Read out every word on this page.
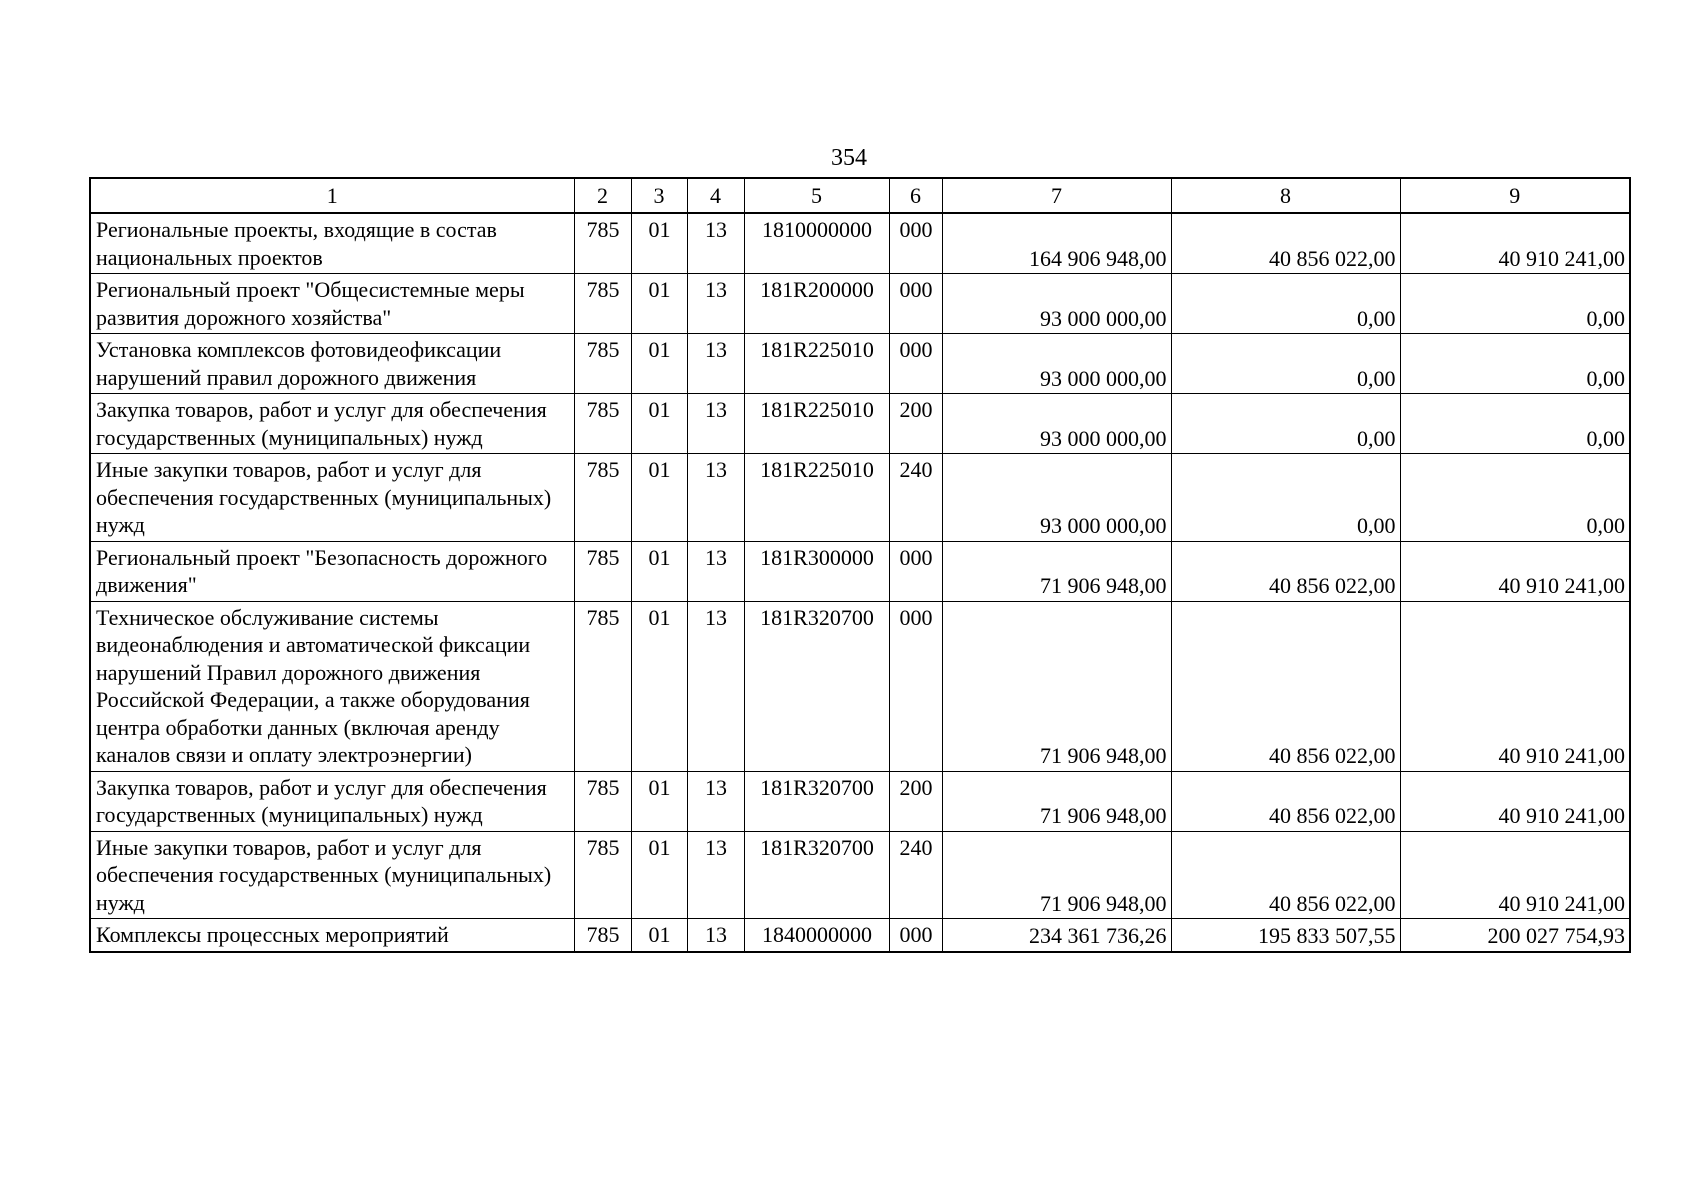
354
1	2	3	4	5	6	7	8	9
Региональные проекты, входящие в состав национальных проектов	785	01	13	1810000000	000	164 906 948,00	40 856 022,00	40 910 241,00
Региональный проект "Общесистемные меры развития дорожного хозяйства"	785	01	13	181R200000	000	93 000 000,00	0,00	0,00
Установка комплексов фотовидеофиксации нарушений правил дорожного движения	785	01	13	181R225010	000	93 000 000,00	0,00	0,00
Закупка товаров, работ и услуг для обеспечения государственных (муниципальных) нужд	785	01	13	181R225010	200	93 000 000,00	0,00	0,00
Иные закупки товаров, работ и услуг для обеспечения государственных (муниципальных) нужд	785	01	13	181R225010	240	93 000 000,00	0,00	0,00
Региональный проект "Безопасность дорожного движения"	785	01	13	181R300000	000	71 906 948,00	40 856 022,00	40 910 241,00
Техническое обслуживание системы видеонаблюдения и автоматической фиксации нарушений Правил дорожного движения Российской Федерации, а также оборудования центра обработки данных (включая аренду каналов связи и оплату электроэнергии)	785	01	13	181R320700	000	71 906 948,00	40 856 022,00	40 910 241,00
Закупка товаров, работ и услуг для обеспечения государственных (муниципальных) нужд	785	01	13	181R320700	200	71 906 948,00	40 856 022,00	40 910 241,00
Иные закупки товаров, работ и услуг для обеспечения государственных (муниципальных) нужд	785	01	13	181R320700	240	71 906 948,00	40 856 022,00	40 910 241,00
Комплексы процессных мероприятий	785	01	13	1840000000	000	234 361 736,26	195 833 507,55	200 027 754,93
